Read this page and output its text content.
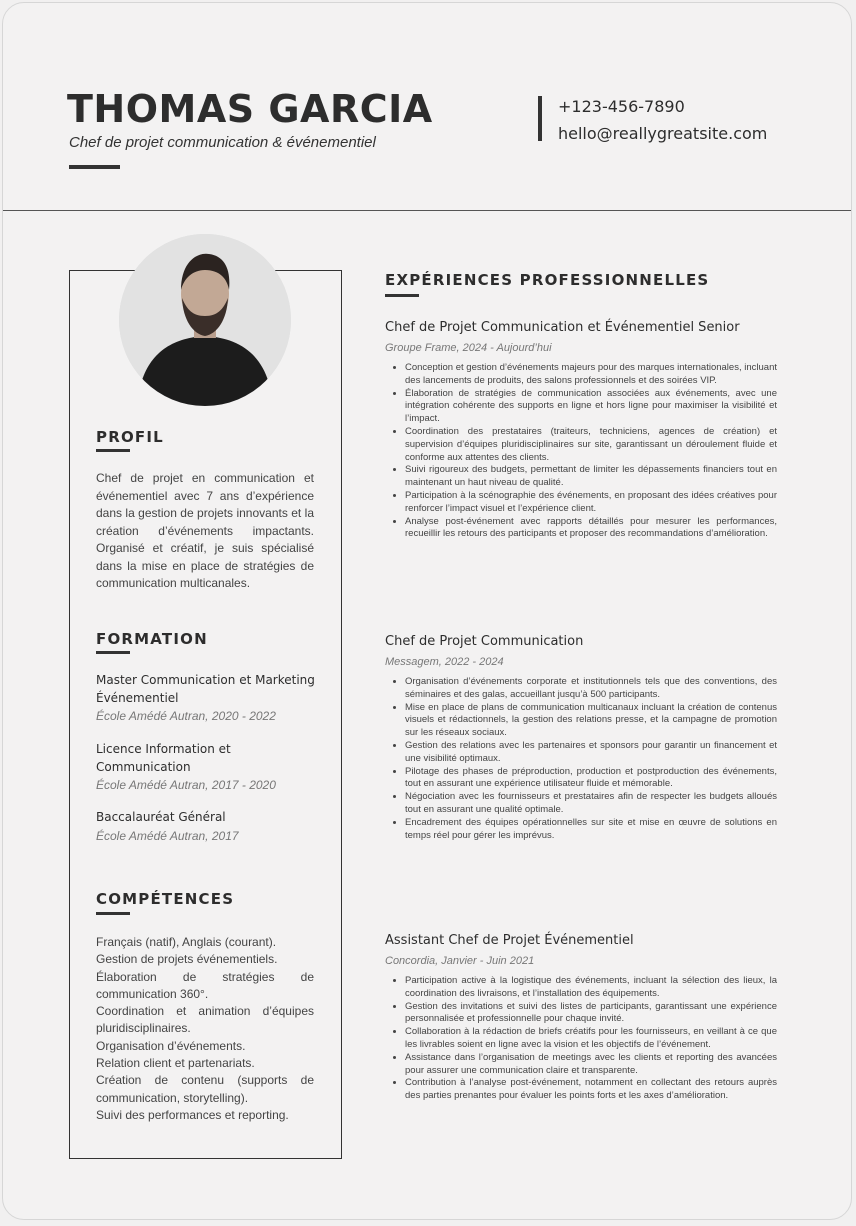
THOMAS GARCIA
Chef de projet communication & événementiel
+123-456-7890
hello@reallygreatsite.com
PROFIL

Chef de projet en communication et événementiel avec 7 ans d’expérience dans la gestion de projets innovants et la création d’événements impactants. Organisé et créatif, je suis spécialisé dans la mise en place de stratégies de communication multicanales.

FORMATION
Master Communication et Marketing Événementiel
École Amédé Autran, 2020 - 2022
Licence Information et Communication
École Amédé Autran, 2017 - 2020
Baccalauréat Général
École Amédé Autran, 2017
COMPÉTENCES
Français (natif), Anglais (courant).
Gestion de projets événementiels.
Élaboration de stratégies de communication 360°.
Coordination et animation d’équipes pluridisciplinaires.
Organisation d’événements.
Relation client et partenariats.
Création de contenu (supports de communication, storytelling).
Suivi des performances et reporting.
EXPÉRIENCES PROFESSIONNELLES
Chef de Projet Communication et Événementiel Senior
Groupe Frame, 2024 - Aujourd’hui
• Conception et gestion d’événements majeurs pour des marques internationales, incluant des lancements de produits, des salons professionnels et des soirées VIP.
• Élaboration de stratégies de communication associées aux événements, avec une intégration cohérente des supports en ligne et hors ligne pour maximiser la visibilité et l’impact.
• Coordination des prestataires (traiteurs, techniciens, agences de création) et supervision d’équipes pluridisciplinaires sur site, garantissant un déroulement fluide et conforme aux attentes des clients.
• Suivi rigoureux des budgets, permettant de limiter les dépassements financiers tout en maintenant un haut niveau de qualité.
• Participation à la scénographie des événements, en proposant des idées créatives pour renforcer l’impact visuel et l’expérience client.
• Analyse post-événement avec rapports détaillés pour mesurer les performances, recueillir les retours des participants et proposer des recommandations d’amélioration.
Chef de Projet Communication
Messagem, 2022 - 2024
• Organisation d’événements corporate et institutionnels tels que des conventions, des séminaires et des galas, accueillant jusqu’à 500 participants.
• Mise en place de plans de communication multicanaux incluant la création de contenus visuels et rédactionnels, la gestion des relations presse, et la campagne de promotion sur les réseaux sociaux.
• Gestion des relations avec les partenaires et sponsors pour garantir un financement et une visibilité optimaux.
• Pilotage des phases de préproduction, production et postproduction des événements, tout en assurant une expérience utilisateur fluide et mémorable.
• Négociation avec les fournisseurs et prestataires afin de respecter les budgets alloués tout en assurant une qualité optimale.
• Encadrement des équipes opérationnelles sur site et mise en œuvre de solutions en temps réel pour gérer les imprévus.
Assistant Chef de Projet Événementiel
Concordia, Janvier - Juin 2021
• Participation active à la logistique des événements, incluant la sélection des lieux, la coordination des livraisons, et l’installation des équipements.
• Gestion des invitations et suivi des listes de participants, garantissant une expérience personnalisée et professionnelle pour chaque invité.
• Collaboration à la rédaction de briefs créatifs pour les fournisseurs, en veillant à ce que les livrables soient en ligne avec la vision et les objectifs de l’événement.
• Assistance dans l’organisation de meetings avec les clients et reporting des avancées pour assurer une communication claire et transparente.
• Contribution à l’analyse post-événement, notamment en collectant des retours auprès des parties prenantes pour évaluer les points forts et les axes d’amélioration.
